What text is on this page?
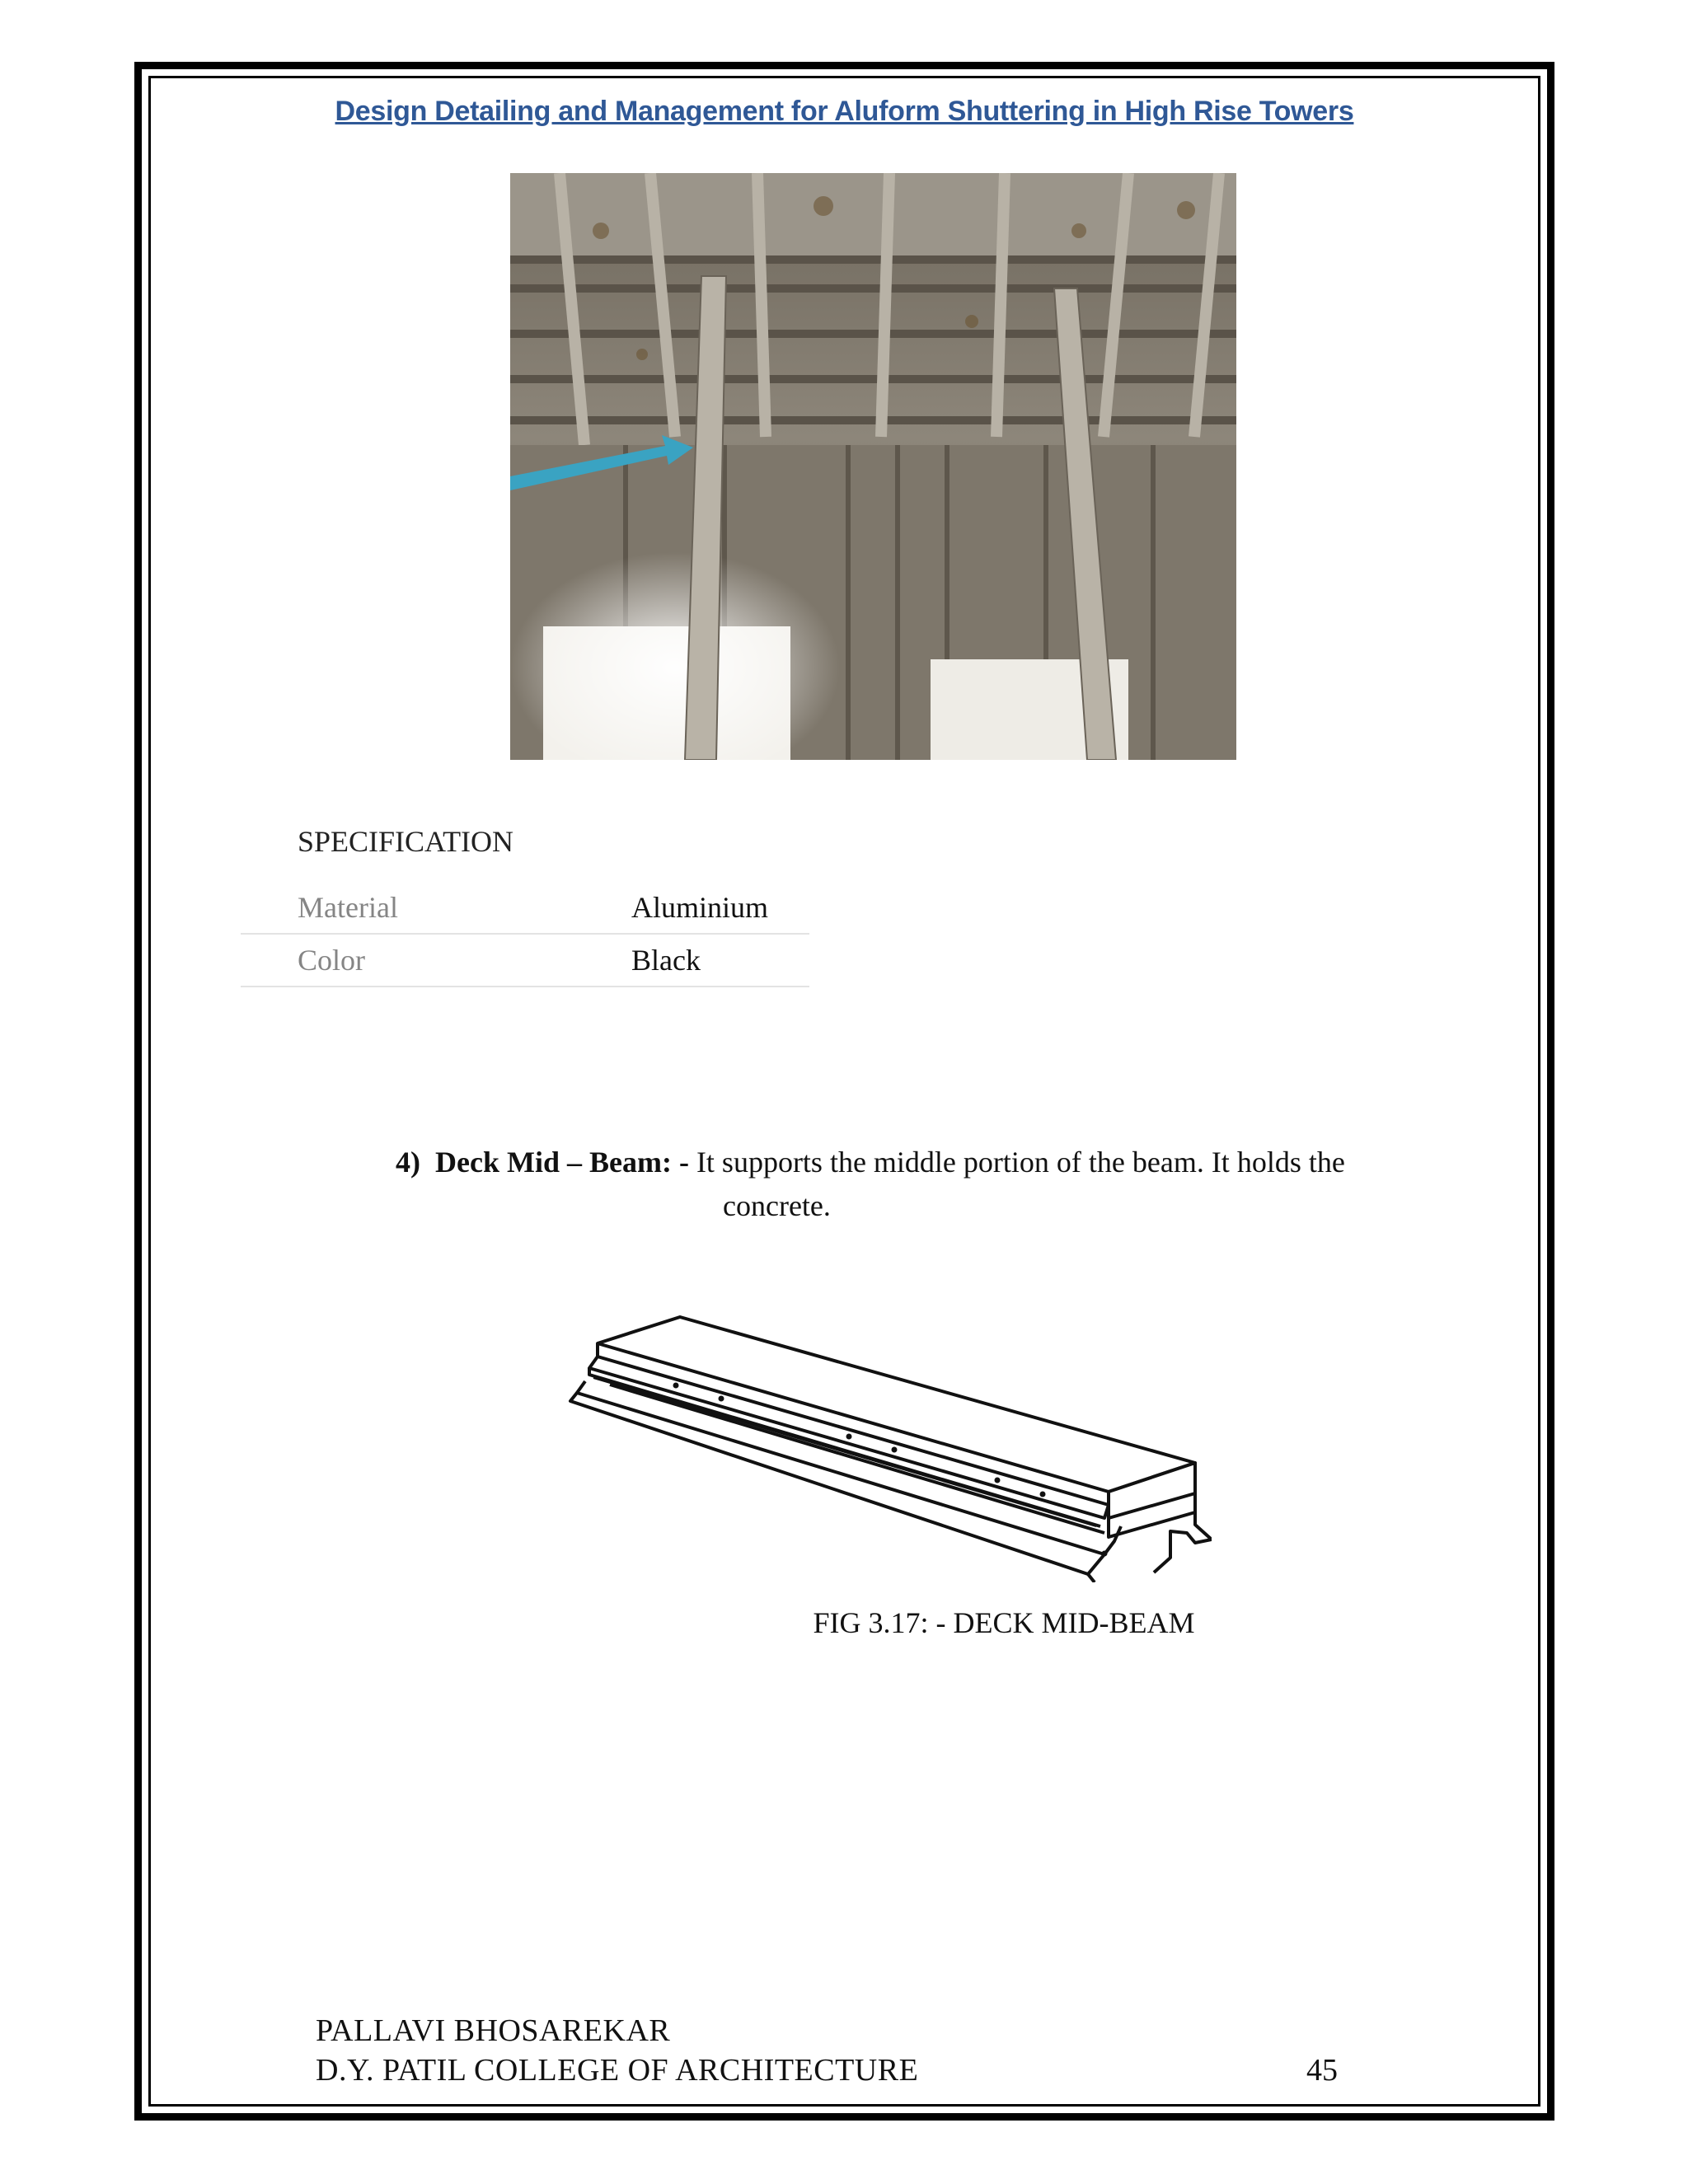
Design Detailing and Management for Aluform Shuttering in High Rise Towers
SPECIFICATION
Material	Aluminium
Color	Black
4) Deck Mid – Beam: - It supports the middle portion of the beam. It holds the
concrete.
FIG 3.17: - DECK MID-BEAM
PALLAVI BHOSAREKAR
D.Y. PATIL COLLEGE OF ARCHITECTURE	45
